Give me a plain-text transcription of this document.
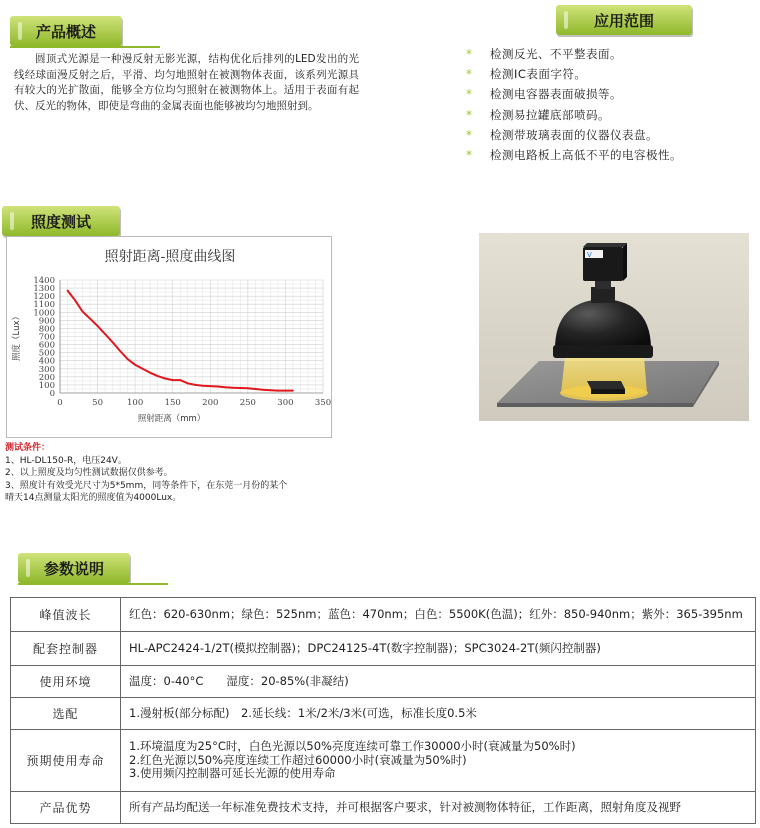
产品概述

圆顶式光源是一种漫反射无影光源，结构优化后排列的LED发出的光线经球面漫反射之后，平滑、均匀地照射在被测物体表面，该系列光源具有较大的光扩散面，能够全方位均匀照射在被测物体上。适用于表面有起伏、反光的物体，即使是弯曲的金属表面也能够被均匀地照射到。

应用范围
*	检测反光、不平整表面。
*	检测IC表面字符。
*	检测电容器表面破损等。
*	检测易拉罐底部喷码。
*	检测带玻璃表面的仪器仪表盘。
*	检测电路板上高低不平的电容极性。
照度测试
0	50	100	150	200	250	300	350
0
100
200
300
400
500
600
700
800
900
1000
1100
1200
1300
1400
照射距离-照度曲线图
照射距离（mm）
照度（Lux）
测试条件：
1、HL-DL150-R，电压24V。
2、以上照度及均匀性测试数据仅供参考。
3、照度计有效受光尺寸为5*5mm，同等条件下，在东莞一月份的某个
晴天14点测量太阳光的照度值为4000Lux。
V
参数说明
峰值波长	红色：620-630nm；绿色：525nm；蓝色：470nm；白色：5500K(色温)；红外：850-940nm；紫外：365-395nm

配套控制器	HL-APC2424-1/2T(模拟控制器)；DPC24125-4T(数字控制器)；SPC3024-2T(频闪控制器)

使用环境	温度：0-40°C　　湿度：20-85%(非凝结)

选配	1.漫射板(部分标配)　2.延长线：1米/2米/3米(可选，标准长度0.5米

预期使用寿命	1.环境温度为25°C时，白色光源以50%亮度连续可靠工作30000小时(衰减量为50%时)
2.红色光源以50%亮度连续工作超过60000小时(衰减量为50%时)
3.使用频闪控制器可延长光源的使用寿命

产品优势	所有产品均配送一年标准免费技术支持，并可根据客户要求，针对被测物体特征，工作距离，照射角度及视野
